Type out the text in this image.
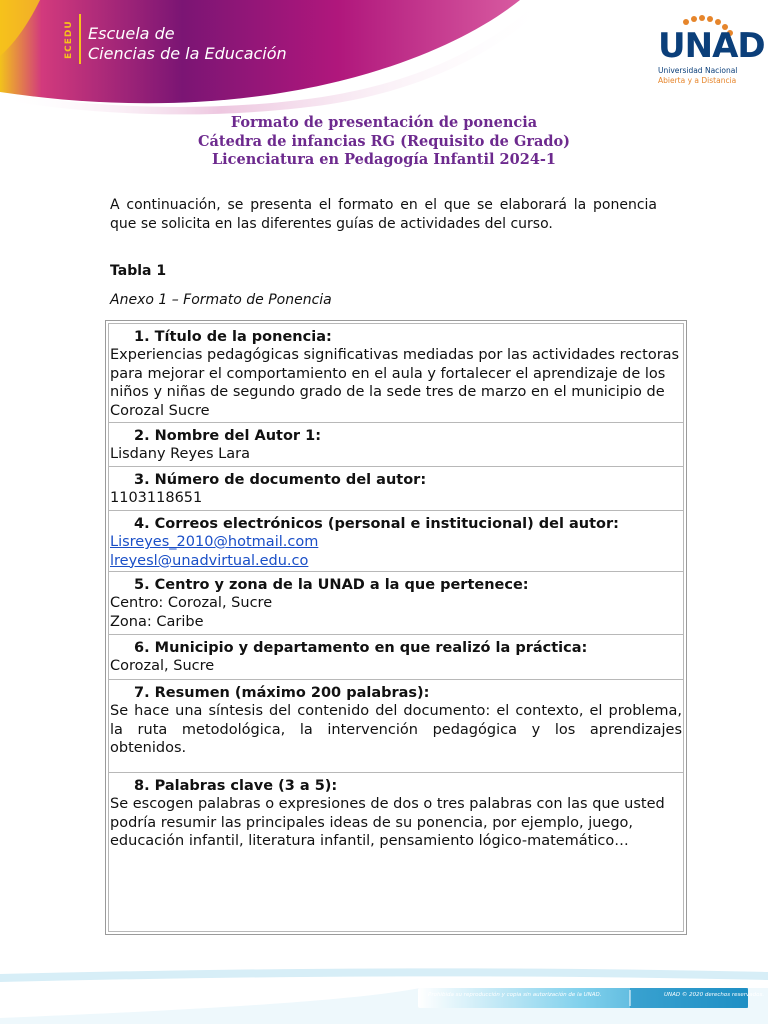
ECEDU Escuela de
Ciencias de la Educación	UNAD
Universidad Nacional
Abierta y a Distancia
Formato de presentación de ponencia
Cátedra de infancias RG (Requisito de Grado)
Licenciatura en Pedagogía Infantil 2024-1
A continuación, se presenta el formato en el que se elaborará la ponencia que se solicita en las diferentes guías de actividades del curso.
Tabla 1
Anexo 1 – Formato de Ponencia
1. Título de la ponencia:
Experiencias pedagógicas significativas mediadas por las actividades rectoras para mejorar el comportamiento en el aula y fortalecer el aprendizaje de los niños y niñas de segundo grado de la sede tres de marzo en el municipio de Corozal Sucre
2. Nombre del Autor 1:
Lisdany Reyes Lara
3. Número de documento del autor:
1103118651
4. Correos electrónicos (personal e institucional) del autor:
Lisreyes_2010@hotmail.com
lreyesl@unadvirtual.edu.co
5. Centro y zona de la UNAD a la que pertenece:
Centro: Corozal, Sucre
Zona: Caribe
6. Municipio y departamento en que realizó la práctica:
Corozal, Sucre
7. Resumen (máximo 200 palabras):
Se hace una síntesis del contenido del documento: el contexto, el problema, la ruta metodológica, la intervención pedagógica y los aprendizajes obtenidos.
8. Palabras clave (3 a 5):
Se escogen palabras o expresiones de dos o tres palabras con las que usted podría resumir las principales ideas de su ponencia, por ejemplo, juego, educación infantil, literatura infantil, pensamiento lógico-matemático…
Prohibida su reproducción y copia sin autorización de la UNAD.	UNAD © 2020 derechos reservados.
